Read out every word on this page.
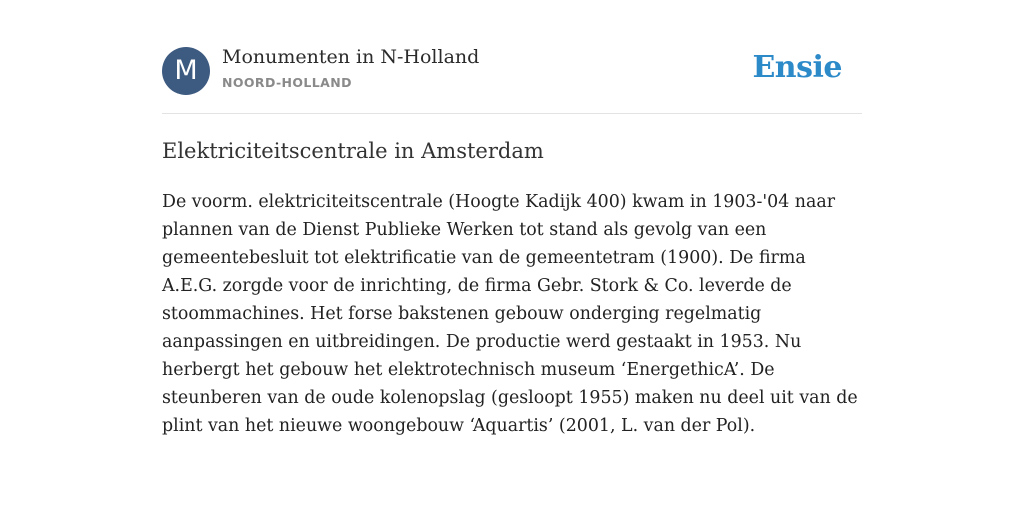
M	Monumenten in N-Holland
NOORD-HOLLAND	Ensie
Elektriciteitscentrale in Amsterdam

De voorm. elektriciteitscentrale (Hoogte Kadijk 400) kwam in 1903-'04 naar plannen van de Dienst Publieke Werken tot stand als gevolg van een gemeentebesluit tot elektrificatie van de gemeentetram (1900). De firma A.E.G. zorgde voor de inrichting, de firma Gebr. Stork & Co. leverde de stoommachines. Het forse bakstenen gebouw onderging regelmatig aanpassingen en uitbreidingen. De productie werd gestaakt in 1953. Nu herbergt het gebouw het elektrotechnisch museum ‘EnergethicA’. De steunberen van de oude kolenopslag (gesloopt 1955) maken nu deel uit van de plint van het nieuwe woongebouw ‘Aquartis’ (2001, L. van der Pol).
